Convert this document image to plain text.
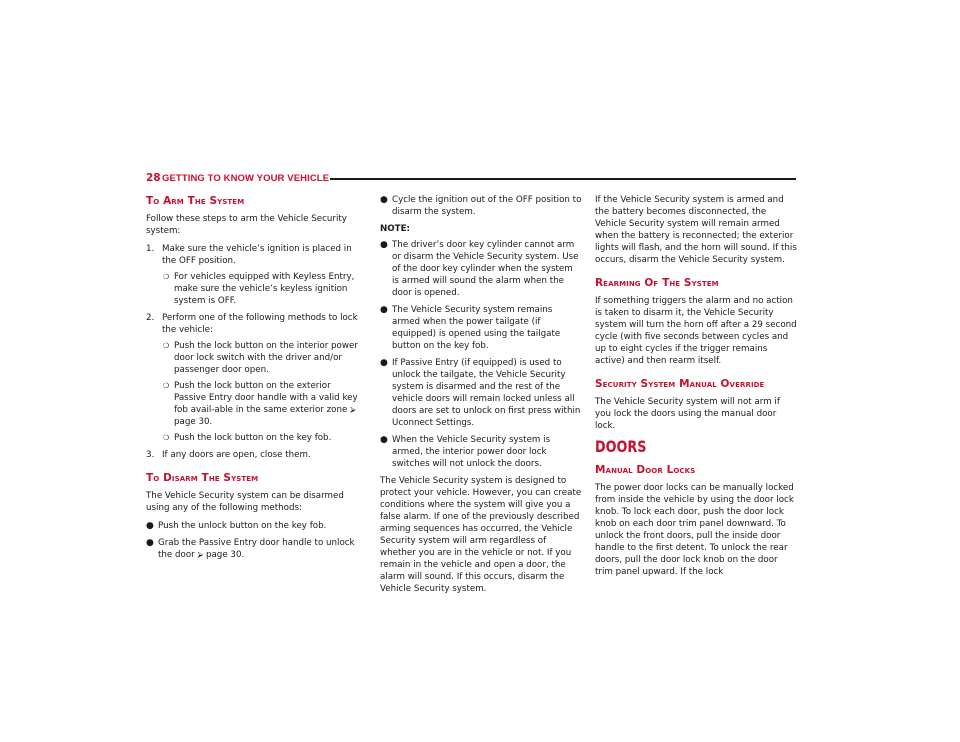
28 GETTING TO KNOW YOUR VEHICLE
To Arm The System

Follow these steps to arm the Vehicle Security system:

1. Make sure the vehicle’s ignition is placed in the OFF position.
❍ For vehicles equipped with Keyless Entry, make sure the vehicle’s keyless ignition system is OFF.
2. Perform one of the following methods to lock the vehicle:
❍ Push the lock button on the interior power door lock switch with the driver and/or passenger door open.
❍ Push the lock button on the exterior Passive Entry door handle with a valid key fob avail-able in the same exterior zone ⮚ page 30.
❍ Push the lock button on the key fob.
3. If any doors are open, close them.
To Disarm The System

The Vehicle Security system can be disarmed using any of the following methods:

● Push the unlock button on the key fob.
● Grab the Passive Entry door handle to unlock the door ⮚ page 30.
● Cycle the ignition out of the OFF position to disarm the system.

NOTE:

● The driver’s door key cylinder cannot arm or disarm the Vehicle Security system. Use of the door key cylinder when the system is armed will sound the alarm when the door is opened.
● The Vehicle Security system remains armed when the power tailgate (if equipped) is opened using the tailgate button on the key fob.
● If Passive Entry (if equipped) is used to unlock the tailgate, the Vehicle Security system is disarmed and the rest of the vehicle doors will remain locked unless all doors are set to unlock on first press within Uconnect Settings.
● When the Vehicle Security system is armed, the interior power door lock switches will not unlock the doors.

The Vehicle Security system is designed to protect your vehicle. However, you can create conditions where the system will give you a false alarm. If one of the previously described arming sequences has occurred, the Vehicle Security system will arm regardless of whether you are in the vehicle or not. If you remain in the vehicle and open a door, the alarm will sound. If this occurs, disarm the Vehicle Security system.

If the Vehicle Security system is armed and the battery becomes disconnected, the Vehicle Security system will remain armed when the battery is reconnected; the exterior lights will flash, and the horn will sound. If this occurs, disarm the Vehicle Security system.

Rearming Of The System

If something triggers the alarm and no action is taken to disarm it, the Vehicle Security system will turn the horn off after a 29 second cycle (with five seconds between cycles and up to eight cycles if the trigger remains active) and then rearm itself.

Security System Manual Override

The Vehicle Security system will not arm if you lock the doors using the manual door lock.

DOORS
Manual Door Locks

The power door locks can be manually locked from inside the vehicle by using the door lock knob. To lock each door, push the door lock knob on each door trim panel downward. To unlock the front doors, pull the inside door handle to the first detent. To unlock the rear doors, pull the door lock knob on the door trim panel upward. If the lock
